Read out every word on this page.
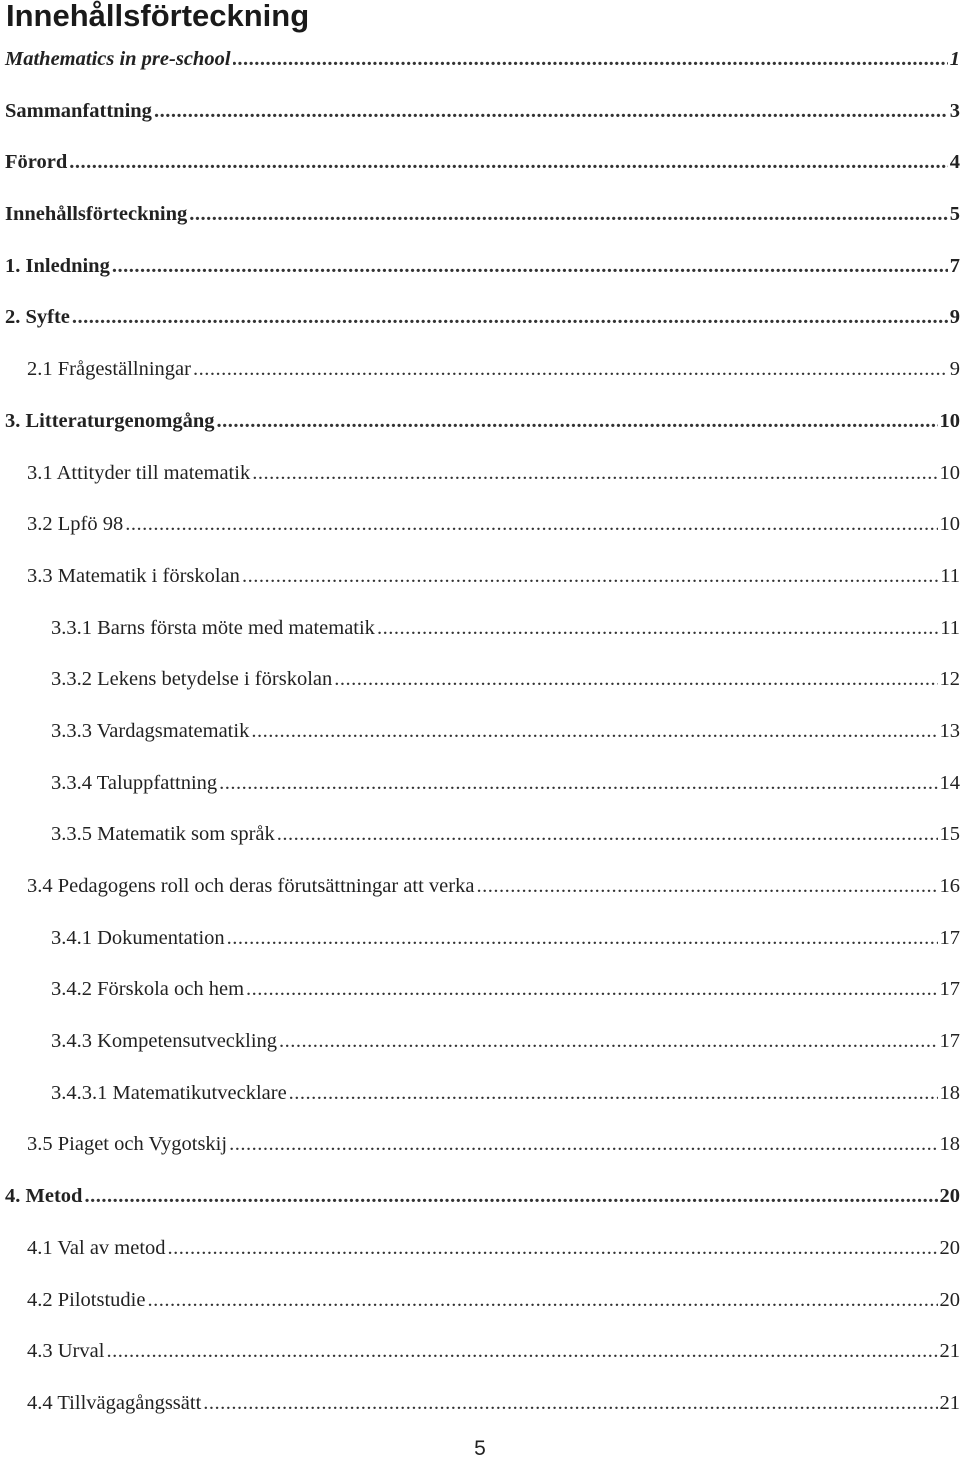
Innehållsförteckning
Mathematics in pre-school .....	1
Sammanfattning .....	3
Förord .....	4
Innehållsförteckning .....	5
1. Inledning .....	7
2. Syfte .....	9
2.1 Frågeställningar .....	9
3. Litteraturgenomgång .....	10
3.1 Attityder till matematik .....	10
3.2 Lpfö 98 .....	10
3.3 Matematik i förskolan .....	11
3.3.1 Barns första möte med matematik .....	11
3.3.2 Lekens betydelse i förskolan .....	12
3.3.3 Vardagsmatematik .....	13
3.3.4 Taluppfattning .....	14
3.3.5 Matematik som språk .....	15
3.4 Pedagogens roll och deras förutsättningar att verka .....	16
3.4.1 Dokumentation .....	17
3.4.2 Förskola och hem .....	17
3.4.3 Kompetensutveckling .....	17
3.4.3.1 Matematikutvecklare .....	18
3.5 Piaget och Vygotskij .....	18
4. Metod .....	20
4.1 Val av metod .....	20
4.2 Pilotstudie .....	20
4.3 Urval .....	21
4.4 Tillvägagångssätt .....	21
5
